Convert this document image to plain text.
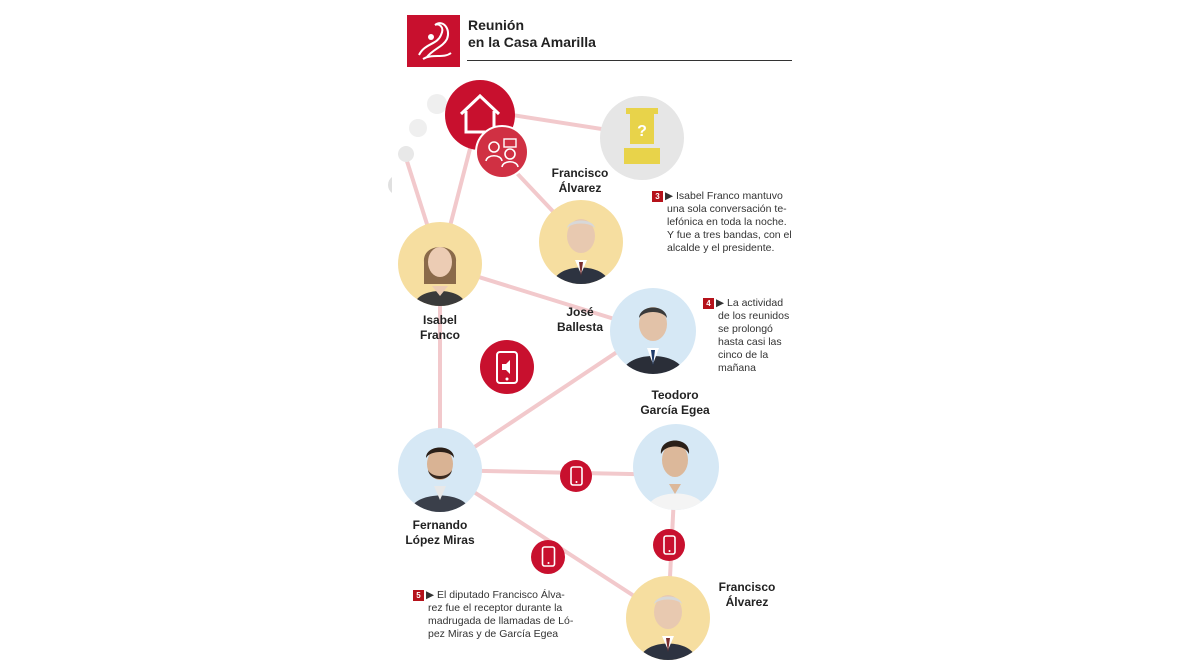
Reunión
en la Casa Amarilla
?
Francisco
Álvarez
3 ▶ Isabel Franco mantuvo
una sola conversación te-
lefónica en toda la noche.
Y fue a tres bandas, con el
alcalde y el presidente.
Isabel
Franco
José
Ballesta
4 ▶ La actividad
de los reunidos
se prolongó
hasta casi las
cinco de la
mañana
Teodoro
García Egea
Fernando
López Miras
Francisco
Álvarez
5 ▶ El diputado Francisco Álva-
rez fue el receptor durante la
madrugada de llamadas de Ló-
pez Miras y de García Egea
